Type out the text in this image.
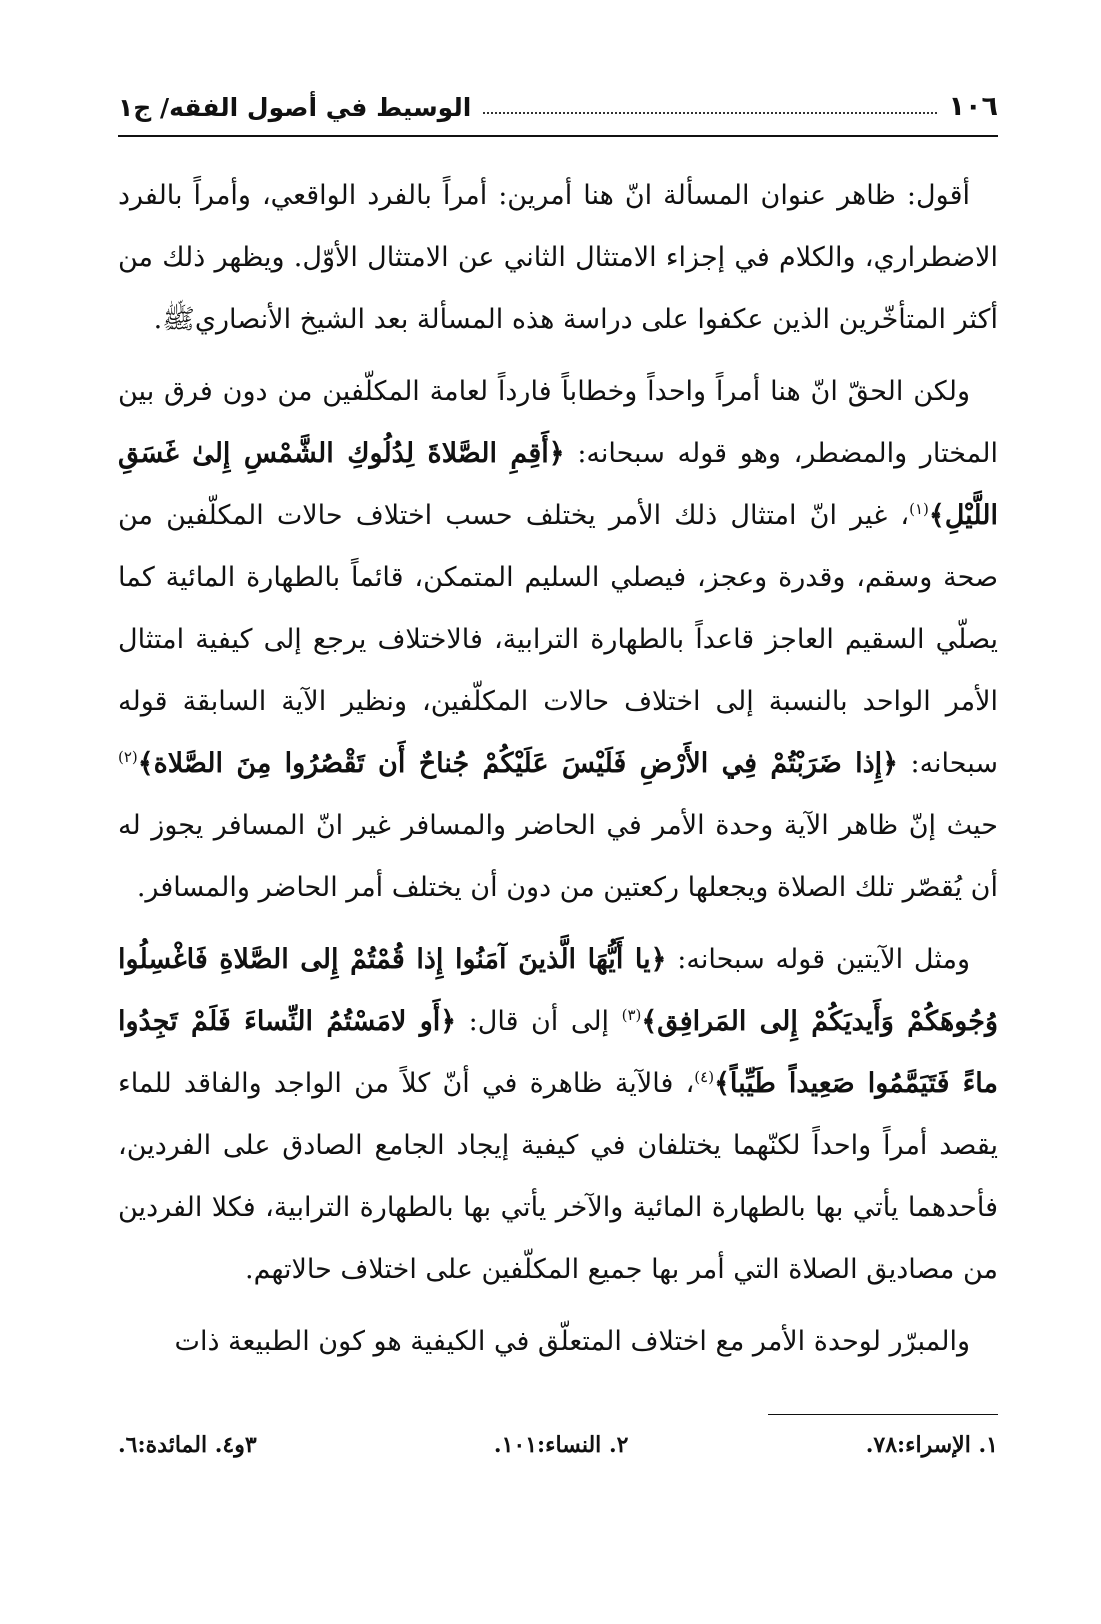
١٠٦
الوسيط في أصول الفقه/ ج١

أقول: ظاهر عنوان المسألة انّ هنا أمرين: أمراً بالفرد الواقعي، وأمراً بالفرد الاضطراري، والكلام في إجزاء الامتثال الثاني عن الامتثال الأوّل. ويظهر ذلك من أكثر المتأخّرين الذين عكفوا على دراسة هذه المسألة بعد الشيخ الأنصاريﷺ.

ولكن الحقّ انّ هنا أمراً واحداً وخطاباً فارداً لعامة المكلّفين من دون فرق بين المختار والمضطر، وهو قوله سبحانه: ﴿أَقِمِ الصَّلاةَ لِدُلُوكِ الشَّمْسِ إِلىٰ غَسَقِ اللَّيْلِ﴾$^{(١)}$، غير انّ امتثال ذلك الأمر يختلف حسب اختلاف حالات المكلّفين من صحة وسقم، وقدرة وعجز، فيصلي السليم المتمكن، قائماً بالطهارة المائية كما يصلّي السقيم العاجز قاعداً بالطهارة الترابية، فالاختلاف يرجع إلى كيفية امتثال الأمر الواحد بالنسبة إلى اختلاف حالات المكلّفين، ونظير الآية السابقة قوله سبحانه: ﴿إِذا ضَرَبْتُمْ فِي الأَرْضِ فَلَيْسَ عَلَيْكُمْ جُناحٌ أَن تَقْصُرُوا مِنَ الصَّلاة﴾$^{(٢)}$ حيث إنّ ظاهر الآية وحدة الأمر في الحاضر والمسافر غير انّ المسافر يجوز له أن يُقصّر تلك الصلاة ويجعلها ركعتين من دون أن يختلف أمر الحاضر والمسافر.

ومثل الآيتين قوله سبحانه: ﴿يا أَيُّهَا الَّذينَ آمَنُوا إِذا قُمْتُمْ إِلى الصَّلاةِ فَاغْسِلُوا وُجُوهَكُمْ وَأَيديَكُمْ إِلى المَرافِق﴾$^{(٣)}$ إلى أن قال: ﴿أَو لامَسْتُمُ النِّساءَ فَلَمْ تَجِدُوا ماءً فَتَيَمَّمُوا صَعِيداً طَيِّباً﴾$^{(٤)}$، فالآية ظاهرة في أنّ كلاً من الواجد والفاقد للماء يقصد أمراً واحداً لكنّهما يختلفان في كيفية إيجاد الجامع الصادق على الفردين، فأحدهما يأتي بها بالطهارة المائية والآخر يأتي بها بالطهارة الترابية، فكلا الفردين من مصاديق الصلاة التي أمر بها جميع المكلّفين على اختلاف حالاتهم.

والمبرّر لوحدة الأمر مع اختلاف المتعلّق في الكيفية هو كون الطبيعة ذات

١. الإسراء:٧٨.
٢. النساء:١٠١.
٣و٤. المائدة:٦.
